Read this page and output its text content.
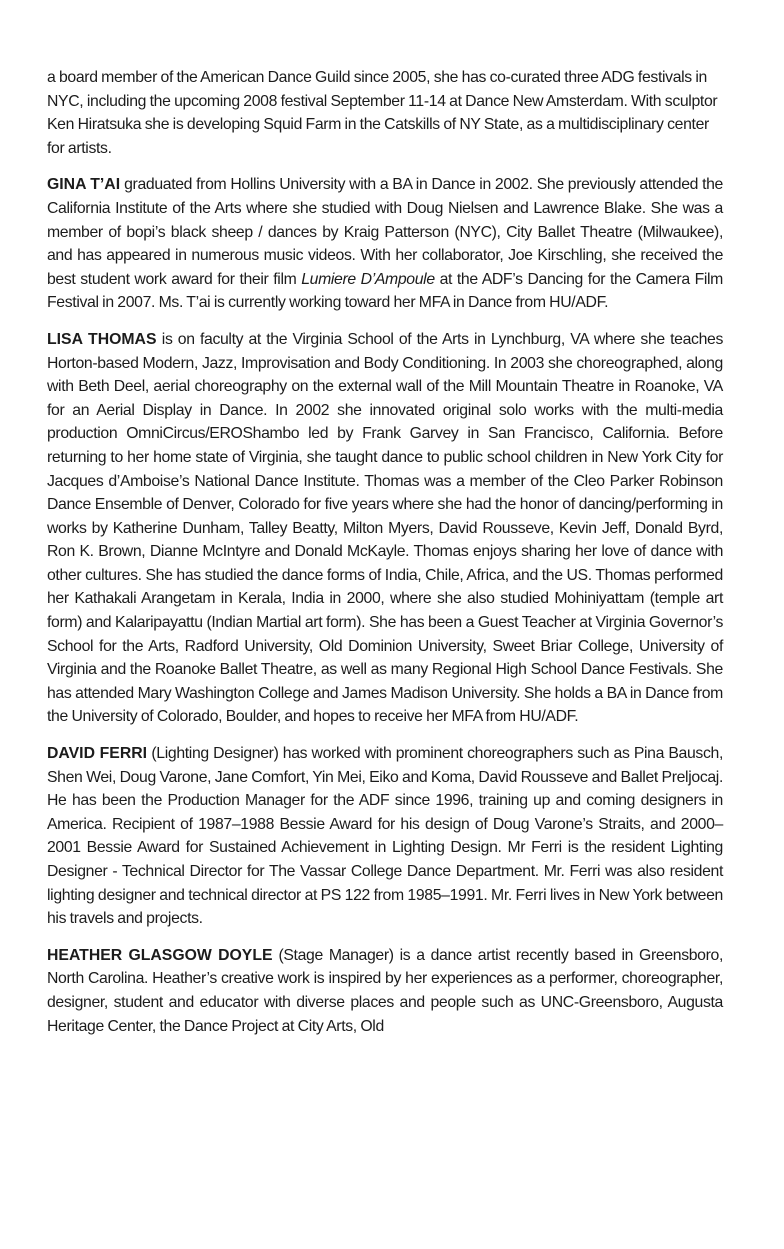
a board member of the American Dance Guild since 2005, she has co-curated three ADG festivals in NYC, including the upcoming 2008 festival September 11-14 at Dance New Amsterdam. With sculptor Ken Hiratsuka she is developing Squid Farm in the Catskills of NY State, as a multidisciplinary center for artists.

GINA T’AI graduated from Hollins University with a BA in Dance in 2002. She previously attended the California Institute of the Arts where she studied with Doug Nielsen and Lawrence Blake. She was a member of bopi’s black sheep / dances by Kraig Patterson (NYC), City Ballet Theatre (Milwaukee), and has appeared in numerous music videos. With her collaborator, Joe Kirschling, she received the best student work award for their film Lumiere D’Ampoule at the ADF’s Dancing for the Camera Film Festival in 2007. Ms. T’ai is currently working toward her MFA in Dance from HU/ADF.

LISA THOMAS is on faculty at the Virginia School of the Arts in Lynchburg, VA where she teaches Horton-based Modern, Jazz, Improvisation and Body Conditioning. In 2003 she choreographed, along with Beth Deel, aerial choreography on the external wall of the Mill Mountain Theatre in Roanoke, VA for an Aerial Display in Dance. In 2002 she innovated original solo works with the multi-media production OmniCircus/EROShambo led by Frank Garvey in San Francisco, California. Before returning to her home state of Virginia, she taught dance to public school children in New York City for Jacques d’Amboise’s National Dance Institute. Thomas was a member of the Cleo Parker Robinson Dance Ensemble of Denver, Colorado for five years where she had the honor of dancing/performing in works by Katherine Dunham, Talley Beatty, Milton Myers, David Rousseve, Kevin Jeff, Donald Byrd, Ron K. Brown, Dianne McIntyre and Donald McKayle. Thomas enjoys sharing her love of dance with other cultures. She has studied the dance forms of India, Chile, Africa, and the US. Thomas performed her Kathakali Arangetam in Kerala, India in 2000, where she also studied Mohiniyattam (temple art form) and Kalaripayattu (Indian Martial art form). She has been a Guest Teacher at Virginia Governor’s School for the Arts, Radford University, Old Dominion University, Sweet Briar College, University of Virginia and the Roanoke Ballet Theatre, as well as many Regional High School Dance Festivals. She has attended Mary Washington College and James Madison University. She holds a BA in Dance from the University of Colorado, Boulder, and hopes to receive her MFA from HU/ADF.

DAVID FERRI (Lighting Designer) has worked with prominent choreographers such as Pina Bausch, Shen Wei, Doug Varone, Jane Comfort, Yin Mei, Eiko and Koma, David Rousseve and Ballet Preljocaj. He has been the Production Manager for the ADF since 1996, training up and coming designers in America. Recipient of 1987–1988 Bessie Award for his design of Doug Varone’s Straits, and 2000–2001 Bessie Award for Sustained Achievement in Lighting Design. Mr Ferri is the resident Lighting Designer - Technical Director for The Vassar College Dance Department. Mr. Ferri was also resident lighting designer and technical director at PS 122 from 1985–1991. Mr. Ferri lives in New York between his travels and projects.

HEATHER GLASGOW DOYLE (Stage Manager) is a dance artist recently based in Greensboro, North Carolina. Heather’s creative work is inspired by her experiences as a performer, choreographer, designer, student and educator with diverse places and people such as UNC-Greensboro, Augusta Heritage Center, the Dance Project at City Arts, Old
